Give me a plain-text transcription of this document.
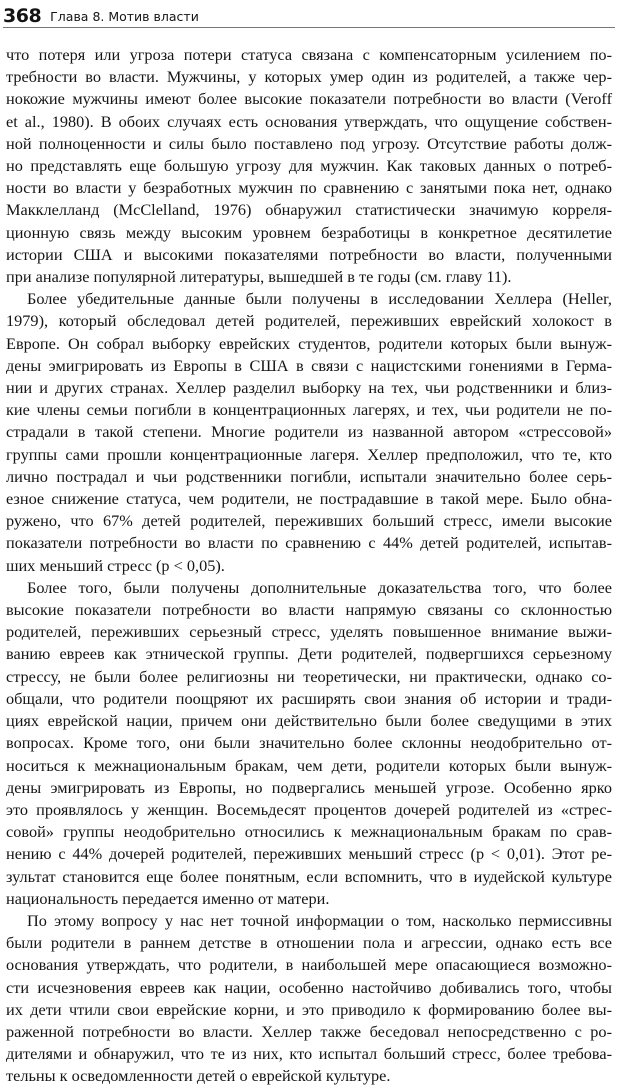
368 Глава 8. Мотив власти
что потеря или угроза потери статуса связана с компенсаторным усилением по-
требности во власти. Мужчины, у которых умер один из родителей, а также чер-
нокожие мужчины имеют более высокие показатели потребности во власти (Veroff
et al., 1980). В обоих случаях есть основания утверждать, что ощущение собствен-
ной полноценности и силы было поставлено под угрозу. Отсутствие работы долж-
но представлять еще большую угрозу для мужчин. Как таковых данных о потреб-
ности во власти у безработных мужчин по сравнению с занятыми пока нет, однако
Макклелланд (McClelland, 1976) обнаружил статистически значимую корреля-
ционную связь между высоким уровнем безработицы в конкретное десятилетие
истории США и высокими показателями потребности во власти, полученными
при анализе популярной литературы, вышедшей в те годы (см. главу 11).
Более убедительные данные были получены в исследовании Хеллера (Heller,
1979), который обследовал детей родителей, переживших еврейский холокост в
Европе. Он собрал выборку еврейских студентов, родители которых были вынуж-
дены эмигрировать из Европы в США в связи с нацистскими гонениями в Герма-
нии и других странах. Хеллер разделил выборку на тех, чьи родственники и близ-
кие члены семьи погибли в концентрационных лагерях, и тех, чьи родители не по-
страдали в такой степени. Многие родители из названной автором «стрессовой»
группы сами прошли концентрационные лагеря. Хеллер предположил, что те, кто
лично пострадал и чьи родственники погибли, испытали значительно более серь-
езное снижение статуса, чем родители, не пострадавшие в такой мере. Было обна-
ружено, что 67% детей родителей, переживших больший стресс, имели высокие
показатели потребности во власти по сравнению с 44% детей родителей, испытав-
ших меньший стресс (p < 0,05).
Более того, были получены дополнительные доказательства того, что более
высокие показатели потребности во власти напрямую связаны со склонностью
родителей, переживших серьезный стресс, уделять повышенное внимание выжи-
ванию евреев как этнической группы. Дети родителей, подвергшихся серьезному
стрессу, не были более религиозны ни теоретически, ни практически, однако со-
общали, что родители поощряют их расширять свои знания об истории и тради-
циях еврейской нации, причем они действительно были более сведущими в этих
вопросах. Кроме того, они были значительно более склонны неодобрительно от-
носиться к межнациональным бракам, чем дети, родители которых были вынуж-
дены эмигрировать из Европы, но подвергались меньшей угрозе. Особенно ярко
это проявлялось у женщин. Восемьдесят процентов дочерей родителей из «стрес-
совой» группы неодобрительно относились к межнациональным бракам по срав-
нению с 44% дочерей родителей, переживших меньший стресс (p < 0,01). Этот ре-
зультат становится еще более понятным, если вспомнить, что в иудейской культуре
национальность передается именно от матери.
По этому вопросу у нас нет точной информации о том, насколько пермиссивны
были родители в раннем детстве в отношении пола и агрессии, однако есть все
основания утверждать, что родители, в наибольшей мере опасающиеся возможно-
сти исчезновения евреев как нации, особенно настойчиво добивались того, чтобы
их дети чтили свои еврейские корни, и это приводило к формированию более вы-
раженной потребности во власти. Хеллер также беседовал непосредственно с ро-
дителями и обнаружил, что те из них, кто испытал больший стресс, более требова-
тельны к осведомленности детей о еврейской культуре.
